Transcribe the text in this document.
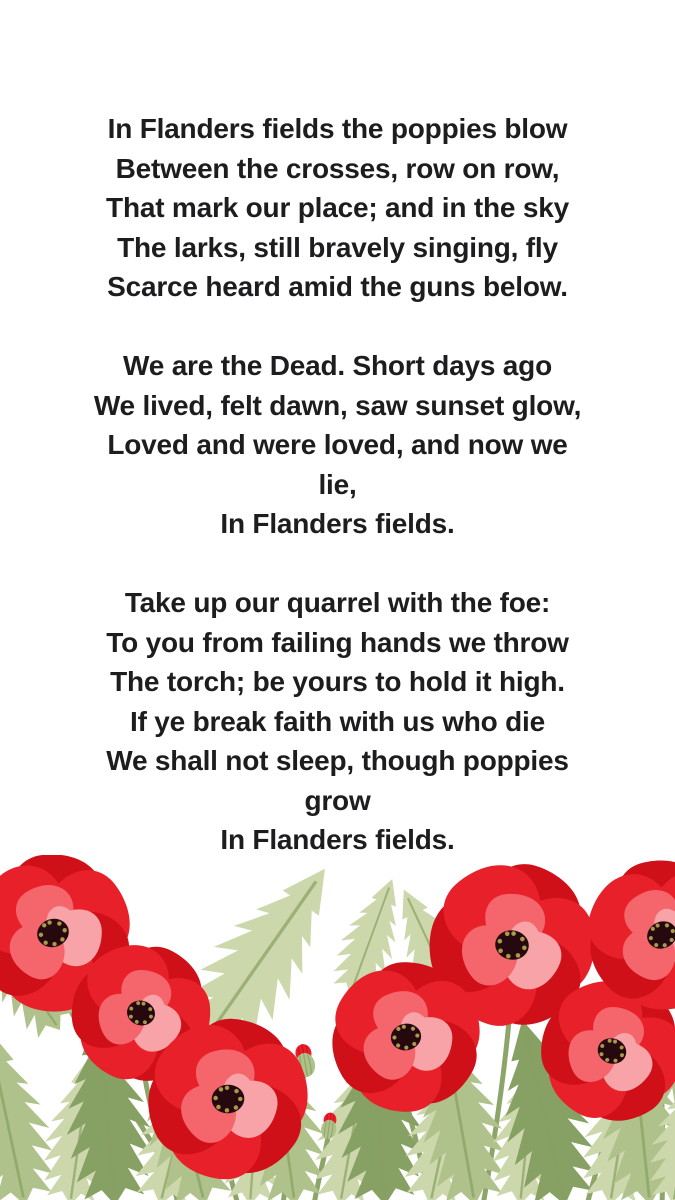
In Flanders fields the poppies blow
Between the crosses, row on row,
That mark our place; and in the sky
The larks, still bravely singing, fly
Scarce heard amid the guns below.
We are the Dead. Short days ago
We lived, felt dawn, saw sunset glow,
Loved and were loved, and now we
lie,
In Flanders fields.
Take up our quarrel with the foe:
To you from failing hands we throw
The torch; be yours to hold it high.
If ye break faith with us who die
We shall not sleep, though poppies
grow
In Flanders fields.
